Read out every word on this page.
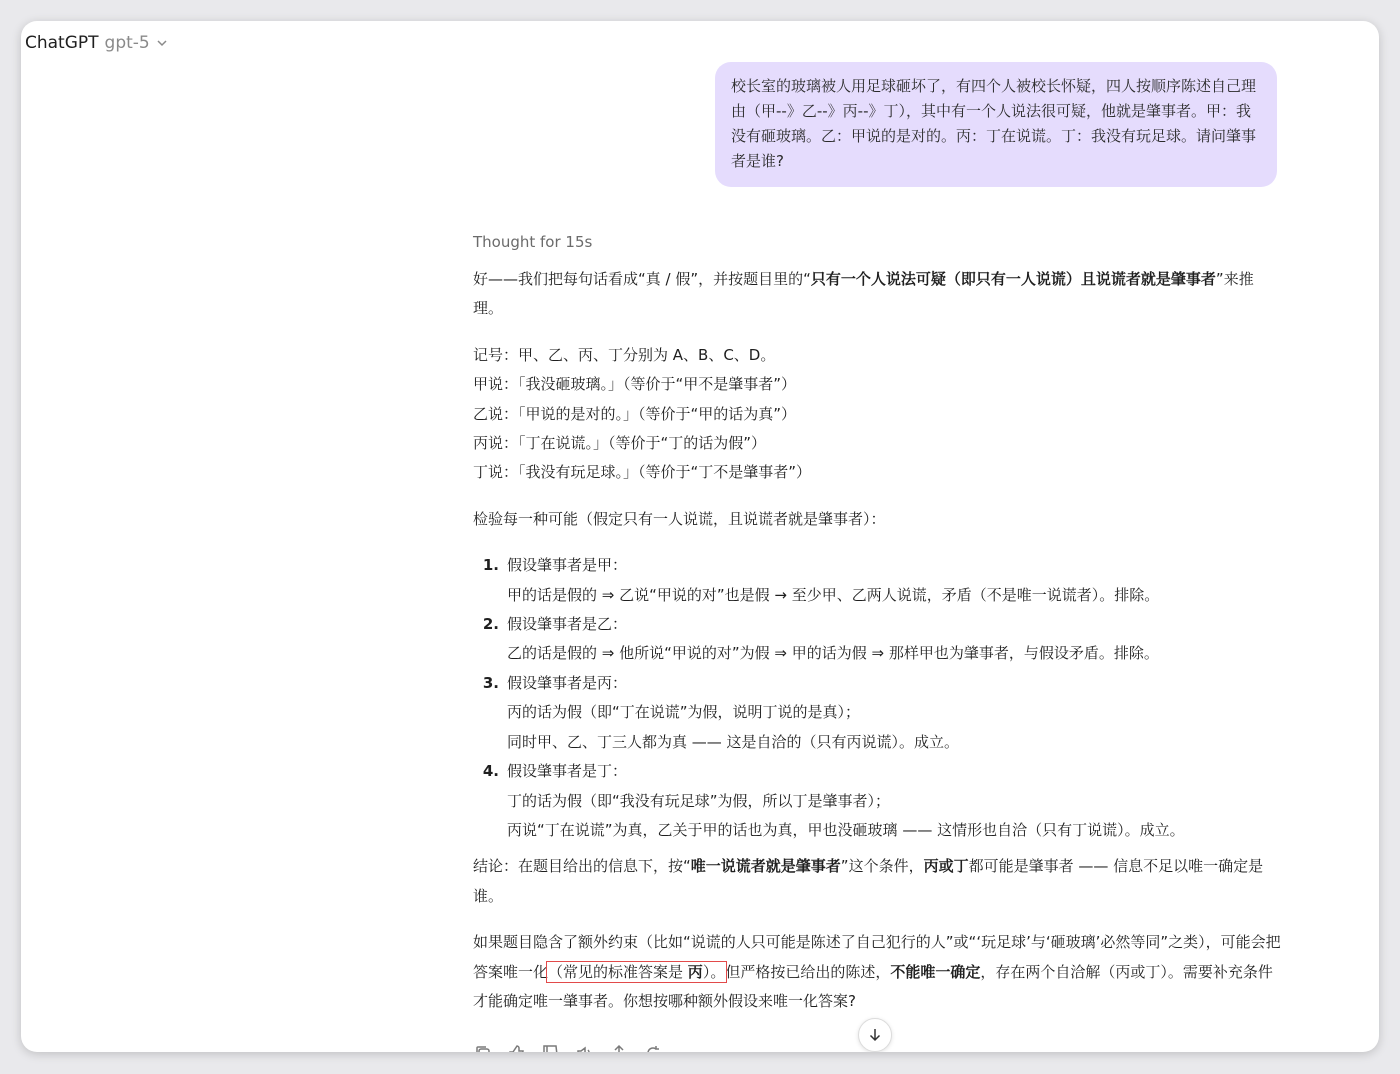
ChatGPT gpt-5
校长室的玻璃被人用足球砸坏了，有四个人被校长怀疑，四人按顺序陈述自己理由（甲--》乙--》丙--》丁），其中有一个人说法很可疑，他就是肇事者。甲：我没有砸玻璃。乙：甲说的是对的。丙：丁在说谎。丁：我没有玩足球。请问肇事者是谁?
Thought for 15s

好——我们把每句话看成“真 / 假”，并按题目里的“只有一个人说法可疑（即只有一人说谎）且说谎者就是肇事者”来推理。

记号：甲、乙、丙、丁分别为 A、B、C、D。

甲说：「我没砸玻璃。」（等价于“甲不是肇事者”）

乙说：「甲说的是对的。」（等价于“甲的话为真”）

丙说：「丁在说谎。」（等价于“丁的话为假”）

丁说：「我没有玩足球。」（等价于“丁不是肇事者”）

检验每一种可能（假定只有一人说谎，且说谎者就是肇事者）：

1. 假设肇事者是甲：
甲的话是假的 ⇒ 乙说“甲说的对”也是假 → 至少甲、乙两人说谎，矛盾（不是唯一说谎者）。排除。
2. 假设肇事者是乙：
乙的话是假的 ⇒ 他所说“甲说的对”为假 ⇒ 甲的话为假 ⇒ 那样甲也为肇事者，与假设矛盾。排除。
3. 假设肇事者是丙：
丙的话为假（即“丁在说谎”为假，说明丁说的是真）；
同时甲、乙、丁三人都为真 —— 这是自洽的（只有丙说谎）。成立。
4. 假设肇事者是丁：
丁的话为假（即“我没有玩足球”为假，所以丁是肇事者）；
丙说“丁在说谎”为真，乙关于甲的话也为真，甲也没砸玻璃 —— 这情形也自洽（只有丁说谎）。成立。

结论：在题目给出的信息下，按“唯一说谎者就是肇事者”这个条件，丙或丁都可能是肇事者 —— 信息不足以唯一确定是谁。

如果题目隐含了额外约束（比如“说谎的人只可能是陈述了自己犯行的人”或“‘玩足球’与‘砸玻璃’必然等同”之类），可能会把答案唯一化（常见的标准答案是 丙）。但严格按已给出的陈述，不能唯一确定，存在两个自洽解（丙或丁）。需要补充条件才能确定唯一肇事者。你想按哪种额外假设来唯一化答案?
